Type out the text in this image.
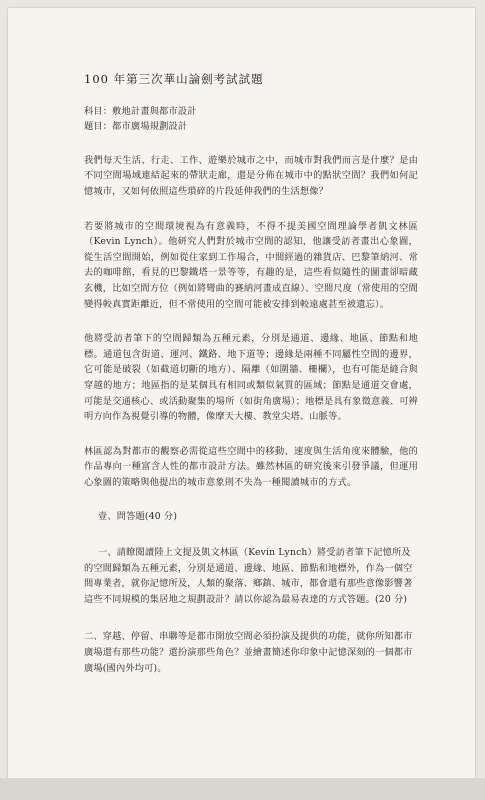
100 年第三次華山論劍考試試題
科目：敷地計畫與都市設計
題目：都市廣場規劃設計

我們每天生活、行走、工作、遊樂於城市之中，而城市對我們而言是什麼？是由不同空間場域連結起來的帶狀走廊，還是分佈在城市中的點狀空間？我們如何記憶城市，又如何依照這些瑣碎的片段延伸我們的生活想像？

若要將城市的空間環境視為有意義時，不得不提美國空間理論學者凱文林區（Kevin Lynch）。他研究人們對於城市空間的認知，他讓受訪者畫出心象圖，從生活空間開始，例如從住家到工作場合，中間經過的雜貨店、巴黎筆納河、常去的咖啡館，看見的巴黎鐵塔一景等等，有趣的是，這些看似隨性的圖畫卻暗藏玄機，比如空間方位（例如將彎曲的賽納河畫成直線）、空間尺度（常使用的空間變得較真實距離近，但不常使用的空間可能被安排到較遠處甚至被遺忘）。

他將受訪者筆下的空間歸類為五種元素，分別是通道、邊緣、地區、節點和地標。通道包含街道、運河、鐵路、地下道等；邊緣是兩種不同屬性空間的邊界，它可能是破裂（如截道切斷的地方）、隔離（如圍牆、柵欄），也有可能是縫合與穿越的地方；地區指的是某個具有相同或類似氣質的區域；節點是通道交會處，可能是交通核心、或活動聚集的場所（如街角廣場）；地標是具有象徵意義、可辨明方向作為視覺引導的物體，像摩天大樓、教堂尖塔、山脈等。

林區認為對都市的觀察必需從這些空間中的移動、速度與生活角度來體驗，他的作品專向一種富含人性的都市設計方法。雖然林區的研究後來引發爭議，但運用心象圖的策略與他提出的城市意象則不失為一種閱讀城市的方式。

壹、問答題(40 分)
一、請瞭閱讀陸上文提及凱文林區（Kevin Lynch）將受訪者筆下記憶所及的空間歸類為五種元素，分別是通道、邊緣、地區、節點和地標外，作為一個空間專業者，就你記憶所及，人類的聚落、鄉鎮、城市，都會還有那些意像影響著這些不同規模的集居地之規劃設計？請以你認為最易表達的方式答題。(20 分)
二、穿越、停留、串聯等是都市開放空間必須扮演及提供的功能，就你所知都市廣場還有那些功能？還扮演那些角色？並繪畫簡述你印象中記憶深刻的一個都市廣場(國內外均可)。
